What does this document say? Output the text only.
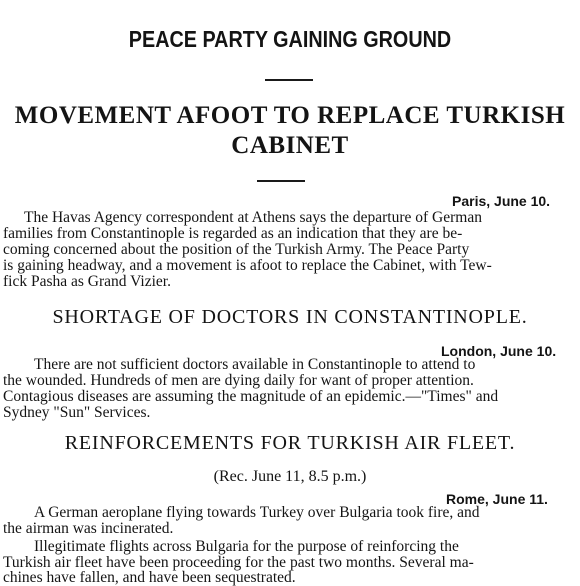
PEACE PARTY GAINING GROUND
MOVEMENT AFOOT TO REPLACE TURKISH
CABINET
Paris, June 10.
The Havas Agency correspondent at Athens says the departure of German
families from Constantinople is regarded as an indication that they are be-
coming concerned about the position of the Turkish Army. The Peace Party
is gaining headway, and a movement is afoot to replace the Cabinet, with Tew-
fick Pasha as Grand Vizier.
SHORTAGE OF DOCTORS IN CONSTANTINOPLE.
London, June 10.
There are not sufficient doctors available in Constantinople to attend to
the wounded. Hundreds of men are dying daily for want of proper attention.
Contagious diseases are assuming the magnitude of an epidemic.—"Times" and
Sydney "Sun" Services.
REINFORCEMENTS FOR TURKISH AIR FLEET.
(Rec. June 11, 8.5 p.m.)
Rome, June 11.
A German aeroplane flying towards Turkey over Bulgaria took fire, and
the airman was incinerated.
Illegitimate flights across Bulgaria for the purpose of reinforcing the
Turkish air fleet have been proceeding for the past two months. Several ma-
chines have fallen, and have been sequestrated.
